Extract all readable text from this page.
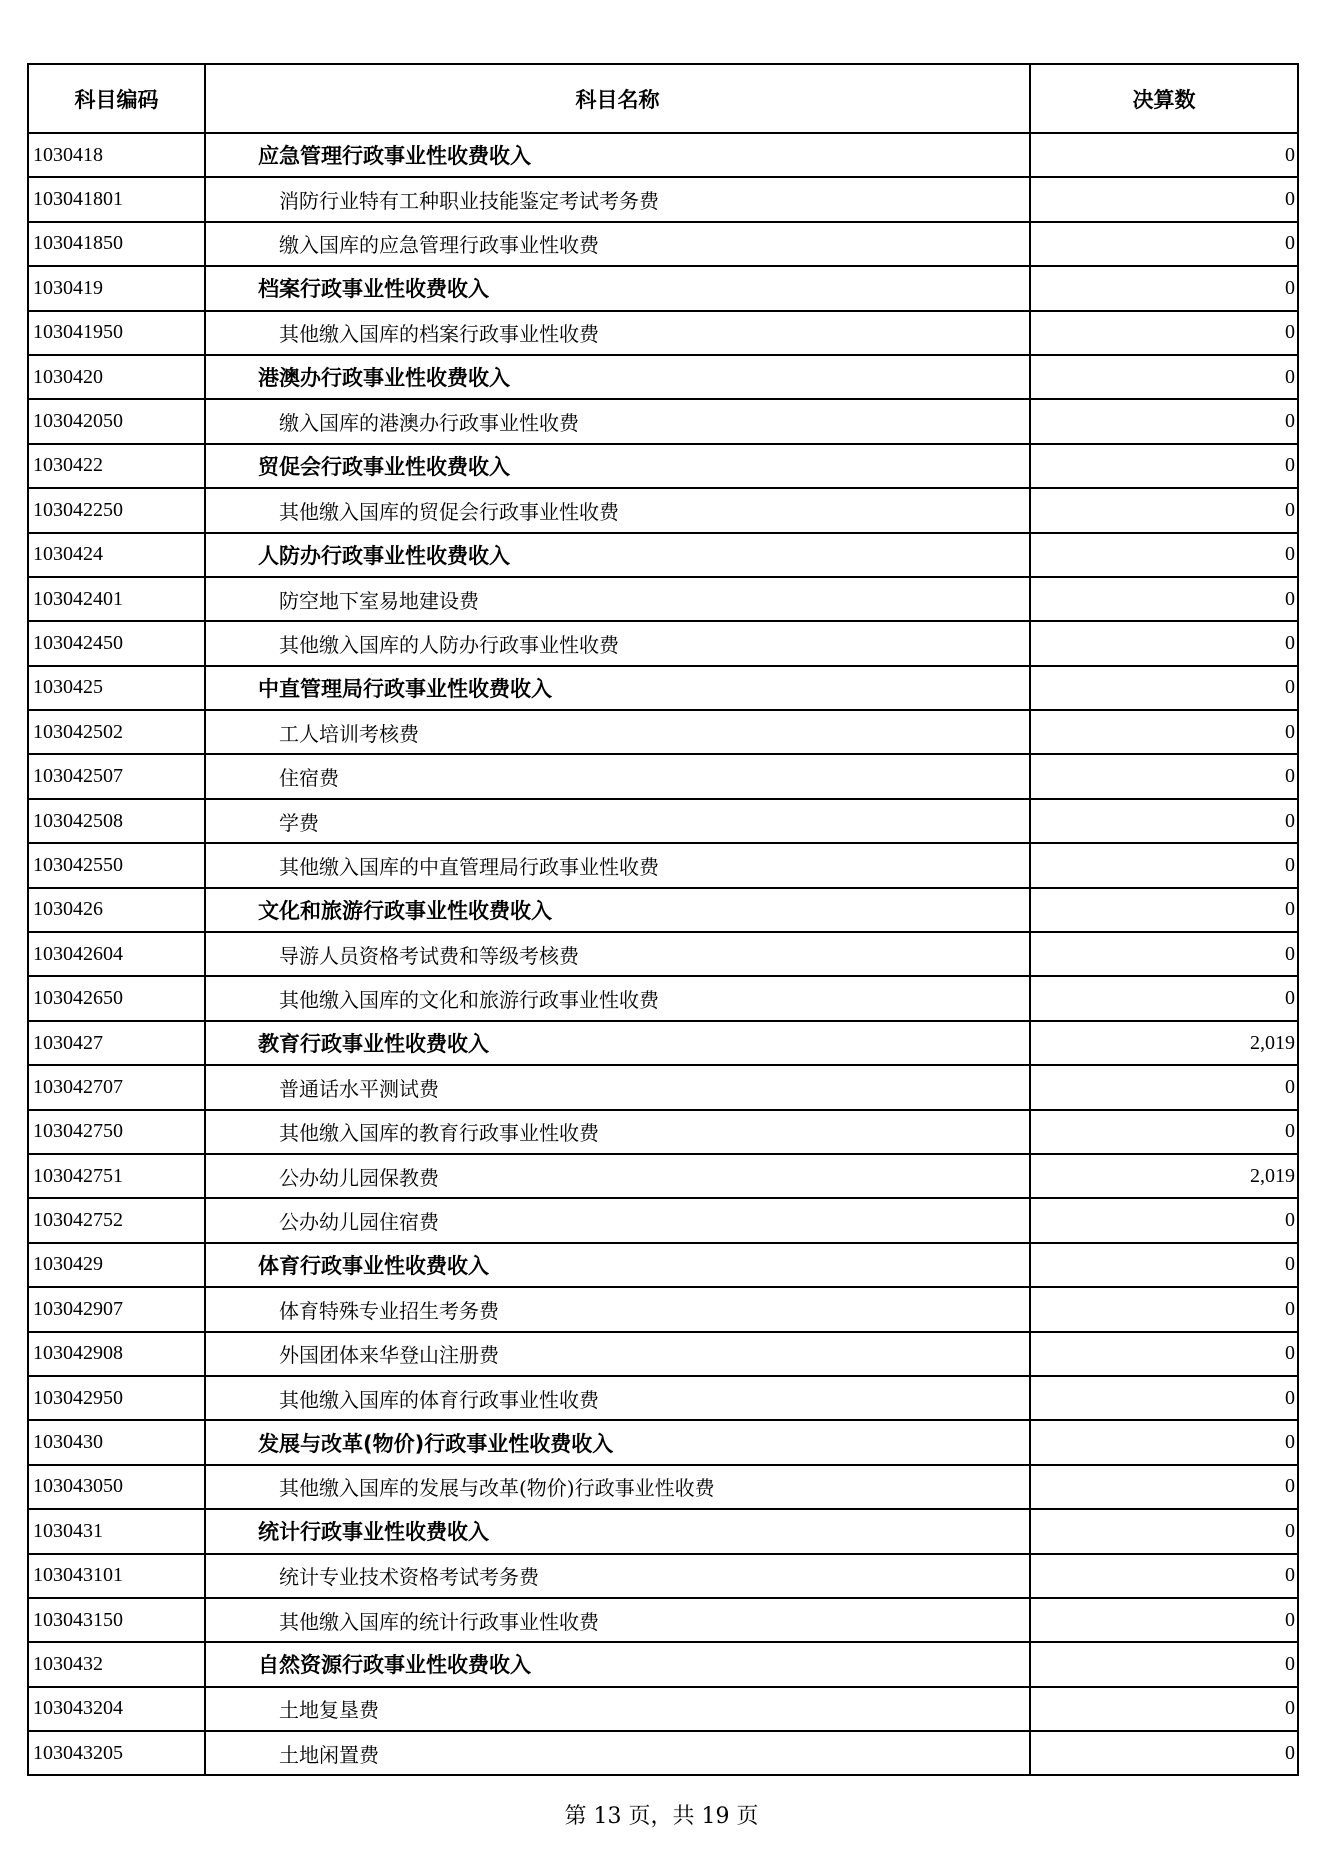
科目编码	科目名称	决算数
1030418	应急管理行政事业性收费收入	0
103041801	消防行业特有工种职业技能鉴定考试考务费	0
103041850	缴入国库的应急管理行政事业性收费	0
1030419	档案行政事业性收费收入	0
103041950	其他缴入国库的档案行政事业性收费	0
1030420	港澳办行政事业性收费收入	0
103042050	缴入国库的港澳办行政事业性收费	0
1030422	贸促会行政事业性收费收入	0
103042250	其他缴入国库的贸促会行政事业性收费	0
1030424	人防办行政事业性收费收入	0
103042401	防空地下室易地建设费	0
103042450	其他缴入国库的人防办行政事业性收费	0
1030425	中直管理局行政事业性收费收入	0
103042502	工人培训考核费	0
103042507	住宿费	0
103042508	学费	0
103042550	其他缴入国库的中直管理局行政事业性收费	0
1030426	文化和旅游行政事业性收费收入	0
103042604	导游人员资格考试费和等级考核费	0
103042650	其他缴入国库的文化和旅游行政事业性收费	0
1030427	教育行政事业性收费收入	2,019
103042707	普通话水平测试费	0
103042750	其他缴入国库的教育行政事业性收费	0
103042751	公办幼儿园保教费	2,019
103042752	公办幼儿园住宿费	0
1030429	体育行政事业性收费收入	0
103042907	体育特殊专业招生考务费	0
103042908	外国团体来华登山注册费	0
103042950	其他缴入国库的体育行政事业性收费	0
1030430	发展与改革(物价)行政事业性收费收入	0
103043050	其他缴入国库的发展与改革(物价)行政事业性收费	0
1030431	统计行政事业性收费收入	0
103043101	统计专业技术资格考试考务费	0
103043150	其他缴入国库的统计行政事业性收费	0
1030432	自然资源行政事业性收费收入	0
103043204	土地复垦费	0
103043205	土地闲置费	0
第 13 页，共 19 页
